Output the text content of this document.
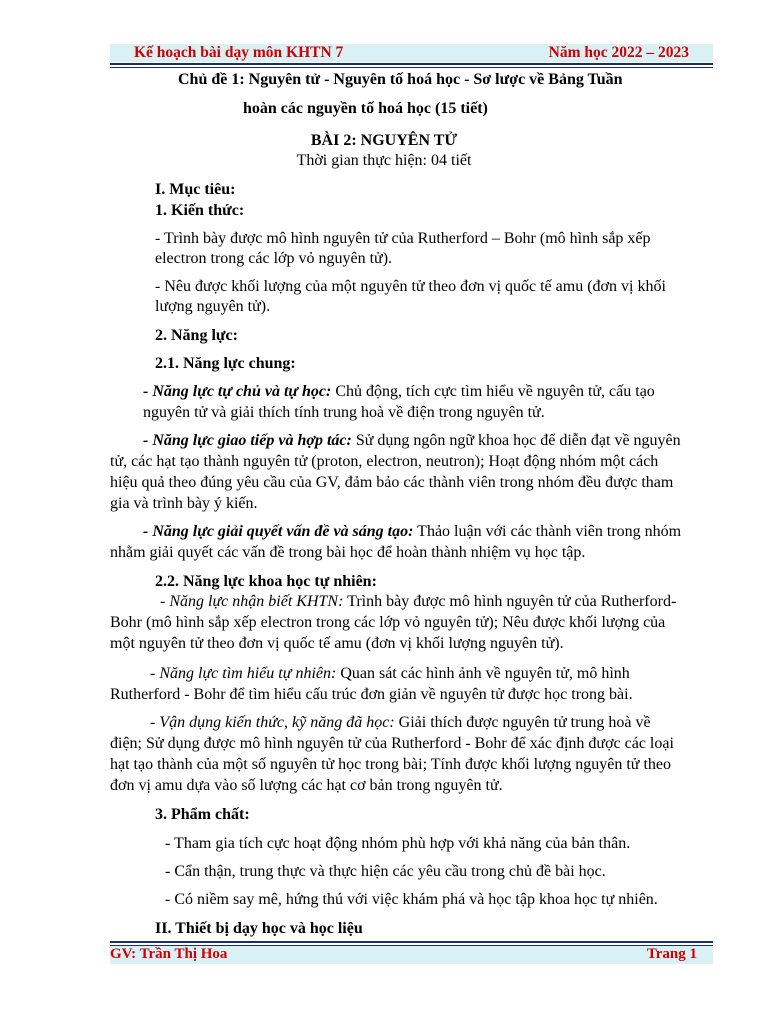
Kế hoạch bài dạy môn KHTN 7	Năm học 2022 – 2023
Chủ đề 1: Nguyên tử - Nguyên tố hoá học - Sơ lược về Bảng Tuần
hoàn các nguyền tố hoá học (15 tiết)
BÀI 2: NGUYÊN TỬ
Thời gian thực hiện: 04 tiết
I. Mục tiêu:
1. Kiến thức:
- Trình bày được mô hình nguyên tử của Rutherford – Bohr (mô hình sắp xếp
electron trong các lớp vỏ nguyên tử).
- Nêu được khối lượng của một nguyên tử theo đơn vị quốc tế amu (đơn vị khối
lượng nguyên tử).
2. Năng lực:
2.1. Năng lực chung:
- Năng lực tự chủ và tự học: Chủ động, tích cực tìm hiểu về nguyên tử, cấu tạo
nguyên tử và giải thích tính trung hoà về điện trong nguyên tử.
- Năng lực giao tiếp và hợp tác: Sử dụng ngôn ngữ khoa học để diễn đạt về nguyên
tử, các hạt tạo thành nguyên tử (proton, electron, neutron); Hoạt động nhóm một cách
hiệu quả theo đúng yêu cầu của GV, đảm bảo các thành viên trong nhóm đều được tham
gia và trình bày ý kiến.
- Năng lực giải quyết vấn đề và sáng tạo: Thảo luận với các thành viên trong nhóm
nhằm giải quyết các vấn đề trong bài học để hoàn thành nhiệm vụ học tập.
2.2. Năng lực khoa học tự nhiên:
- Năng lực nhận biết KHTN: Trình bày được mô hình nguyên tử của Rutherford-
Bohr (mô hình sắp xếp electron trong các lớp vỏ nguyên tử); Nêu được khối lượng của
một nguyên tử theo đơn vị quốc tế amu (đơn vị khối lượng nguyên tử).
- Năng lực tìm hiểu tự nhiên: Quan sát các hình ảnh về nguyên tử, mô hình
Rutherford - Bohr để tìm hiểu cấu trúc đơn giản về nguyên tử được học trong bài.
- Vận dụng kiến thức, kỹ năng đã học: Giải thích được nguyên tử trung hoà về
điện; Sử dụng được mô hình nguyên tử của Rutherford - Bohr để xác định được các loại
hạt tạo thành của một số nguyên tử học trong bài; Tính được khối lượng nguyên tử theo
đơn vị amu dựa vào số lượng các hạt cơ bản trong nguyên tử.
3. Phẩm chất:
- Tham gia tích cực hoạt động nhóm phù hợp với khả năng của bản thân.
- Cẩn thận, trung thực và thực hiện các yêu cầu trong chủ đề bài học.
- Có niềm say mê, hứng thú với việc khám phá và học tập khoa học tự nhiên.
II. Thiết bị dạy học và học liệu
GV: Trần Thị Hoa	Trang 1
